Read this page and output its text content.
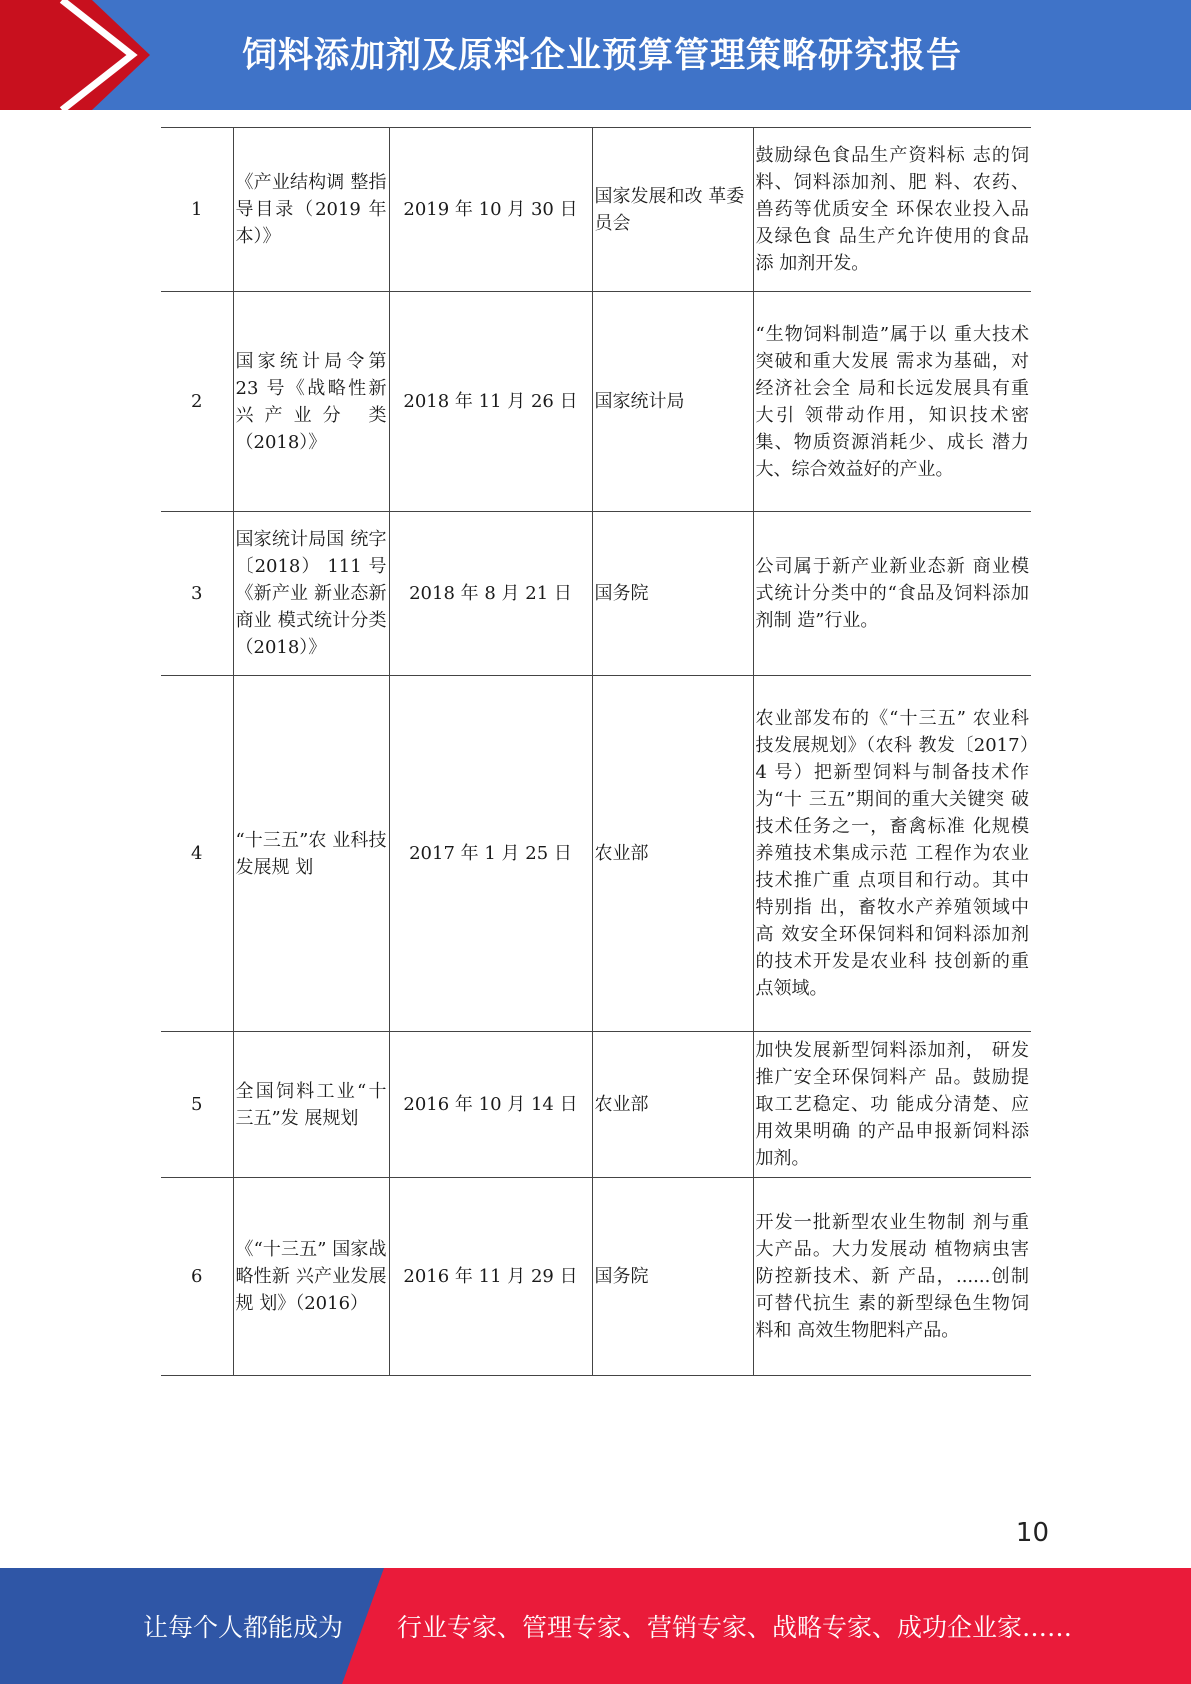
饲料添加剂及原料企业预算管理策略研究报告
1	《产业结构调 整指导目录（2019 年本）》	2019 年 10 月 30 日	国家发展和改 革委员会	鼓励绿色食品生产资料标 志的饲料、饲料添加剂、肥 料、农药、兽药等优质安全 环保农业投入品及绿色食 品生产允许使用的食品添 加剂开发。
2	国家统计局令第 23 号《战略性新兴产业分 类（2018）》	2018 年 11 月 26 日	国家统计局	“生物饲料制造”属于以 重大技术突破和重大发展 需求为基础，对经济社会全 局和长远发展具有重大引 领带动作用，知识技术密 集、物质资源消耗少、成长 潜力大、综合效益好的产业。
3	国家统计局国 统字〔2018） 111 号《新产业 新业态新商业 模式统计分类（2018）》	2018 年 8 月 21 日	国务院	公司属于新产业新业态新 商业模式统计分类中的“食品及饲料添加剂制 造”行业。
4	“十三五”农 业科技发展规 划	2017 年 1 月 25 日	农业部	农业部发布的《“十三五” 农业科技发展规划》（农科 教发〔2017）4 号）把新型饲料与制备技术作为“十 三五”期间的重大关键突 破技术任务之一，畜禽标准 化规模养殖技术集成示范 工程作为农业技术推广重 点项目和行动。其中特别指 出，畜牧水产养殖领域中高 效安全环保饲料和饲料添加剂的技术开发是农业科 技创新的重点领域。
5	全国饲料工业“十三五”发 展规划	2016 年 10 月 14 日	农业部	加快发展新型饲料添加剂， 研发推广安全环保饲料产 品。鼓励提取工艺稳定、功 能成分清楚、应用效果明确 的产品申报新饲料添加剂。
6	《“十三五” 国家战略性新 兴产业发展规 划》（2016）	2016 年 11 月 29 日	国务院	开发一批新型农业生物制 剂与重大产品。大力发展动 植物病虫害防控新技术、新 产品，......创制可替代抗生 素的新型绿色生物饲料和 高效生物肥料产品。
10
让每个人都能成为 行业专家、管理专家、营销专家、战略专家、成功企业家……
